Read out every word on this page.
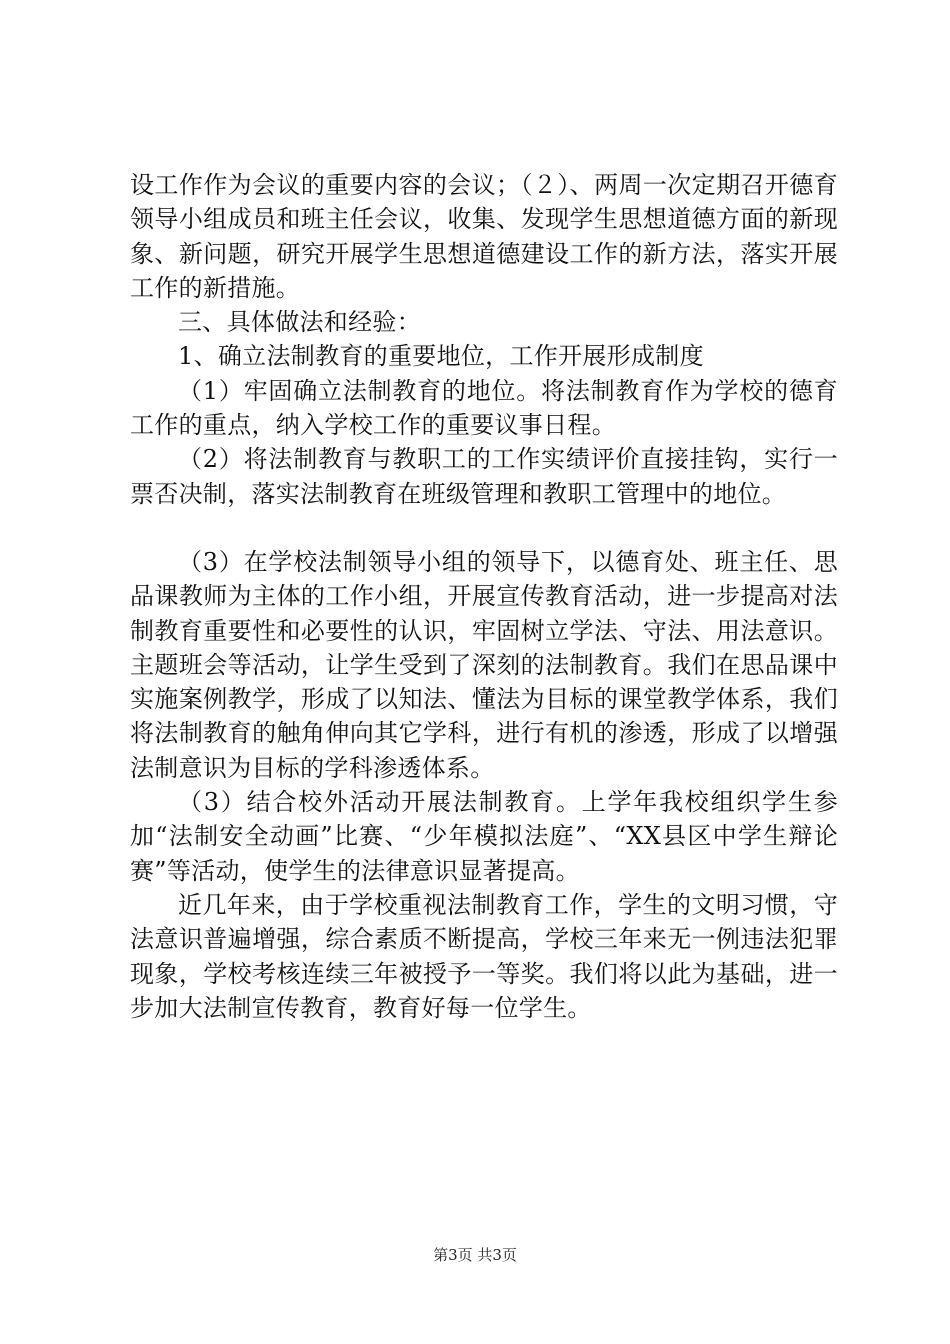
设工作作为会议的重要内容的会议；（２）、两周一次定期召开德育领导小组成员和班主任会议，收集、发现学生思想道德方面的新现象、新问题，研究开展学生思想道德建设工作的新方法，落实开展工作的新措施。

三、具体做法和经验：

1、确立法制教育的重要地位，工作开展形成制度

（1）牢固确立法制教育的地位。将法制教育作为学校的德育工作的重点，纳入学校工作的重要议事日程。

（2）将法制教育与教职工的工作实绩评价直接挂钩，实行一票否决制，落实法制教育在班级管理和教职工管理中的地位。

（3）在学校法制领导小组的领导下，以德育处、班主任、思品课教师为主体的工作小组，开展宣传教育活动，进一步提高对法制教育重要性和必要性的认识，牢固树立学法、守法、用法意识。主题班会等活动，让学生受到了深刻的法制教育。我们在思品课中实施案例教学，形成了以知法、懂法为目标的课堂教学体系，我们将法制教育的触角伸向其它学科，进行有机的渗透，形成了以增强法制意识为目标的学科渗透体系。

（3）结合校外活动开展法制教育。上学年我校组织学生参加“法制安全动画”比赛、“少年模拟法庭”、“XX县区中学生辩论赛”等活动，使学生的法律意识显著提高。

近几年来，由于学校重视法制教育工作，学生的文明习惯，守法意识普遍增强，综合素质不断提高，学校三年来无一例违法犯罪现象，学校考核连续三年被授予一等奖。我们将以此为基础，进一步加大法制宣传教育，教育好每一位学生。

第3页 共3页
